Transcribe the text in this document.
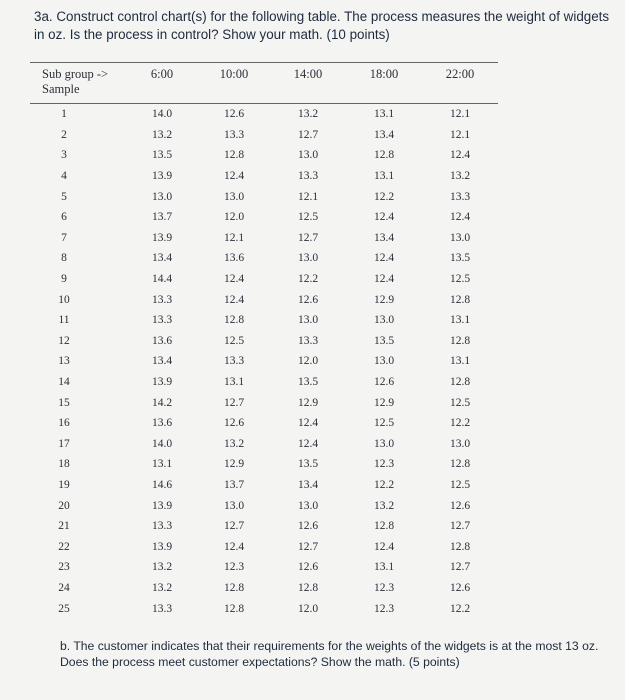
3a. Construct control chart(s) for the following table. The process measures the weight of widgets in oz. Is the process in control? Show your math. (10 points)
Sub group ->
Sample	6:00	10:00	14:00	18:00	22:00
1	14.0	12.6	13.2	13.1	12.1
2	13.2	13.3	12.7	13.4	12.1
3	13.5	12.8	13.0	12.8	12.4
4	13.9	12.4	13.3	13.1	13.2
5	13.0	13.0	12.1	12.2	13.3
6	13.7	12.0	12.5	12.4	12.4
7	13.9	12.1	12.7	13.4	13.0
8	13.4	13.6	13.0	12.4	13.5
9	14.4	12.4	12.2	12.4	12.5
10	13.3	12.4	12.6	12.9	12.8
11	13.3	12.8	13.0	13.0	13.1
12	13.6	12.5	13.3	13.5	12.8
13	13.4	13.3	12.0	13.0	13.1
14	13.9	13.1	13.5	12.6	12.8
15	14.2	12.7	12.9	12.9	12.5
16	13.6	12.6	12.4	12.5	12.2
17	14.0	13.2	12.4	13.0	13.0
18	13.1	12.9	13.5	12.3	12.8
19	14.6	13.7	13.4	12.2	12.5
20	13.9	13.0	13.0	13.2	12.6
21	13.3	12.7	12.6	12.8	12.7
22	13.9	12.4	12.7	12.4	12.8
23	13.2	12.3	12.6	13.1	12.7
24	13.2	12.8	12.8	12.3	12.6
25	13.3	12.8	12.0	12.3	12.2
b. The customer indicates that their requirements for the weights of the widgets is at the most 13 oz. Does the process meet customer expectations? Show the math. (5 points)
